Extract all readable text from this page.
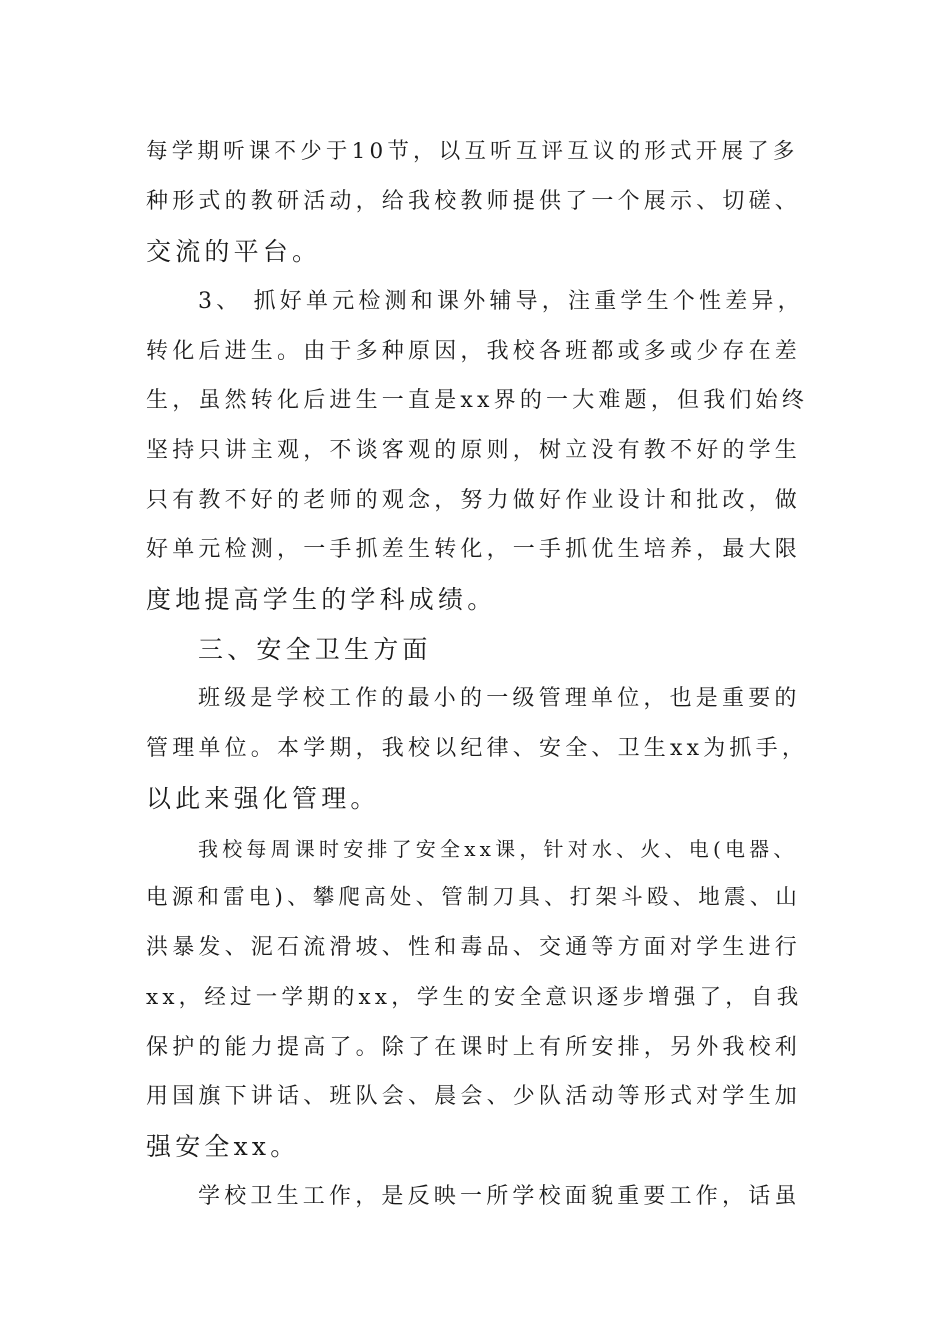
每学期听课不少于10节，以互听互评互议的形式开展了多
种形式的教研活动，给我校教师提供了一个展示、切磋、
交流的平台。
3、 抓好单元检测和课外辅导，注重学生个性差异，
转化后进生。由于多种原因，我校各班都或多或少存在差
生，虽然转化后进生一直是xx界的一大难题，但我们始终
坚持只讲主观，不谈客观的原则，树立没有教不好的学生
只有教不好的老师的观念，努力做好作业设计和批改，做
好单元检测，一手抓差生转化，一手抓优生培养，最大限
度地提高学生的学科成绩。
三、安全卫生方面
班级是学校工作的最小的一级管理单位，也是重要的
管理单位。本学期，我校以纪律、安全、卫生xx为抓手，
以此来强化管理。
我校每周课时安排了安全xx课，针对水、火、电(电器、
电源和雷电)、攀爬高处、管制刀具、打架斗殴、地震、山
洪暴发、泥石流滑坡、性和毒品、交通等方面对学生进行
xx，经过一学期的xx，学生的安全意识逐步增强了，自我
保护的能力提高了。除了在课时上有所安排，另外我校利
用国旗下讲话、班队会、晨会、少队活动等形式对学生加
强安全xx。
学校卫生工作，是反映一所学校面貌重要工作，话虽
